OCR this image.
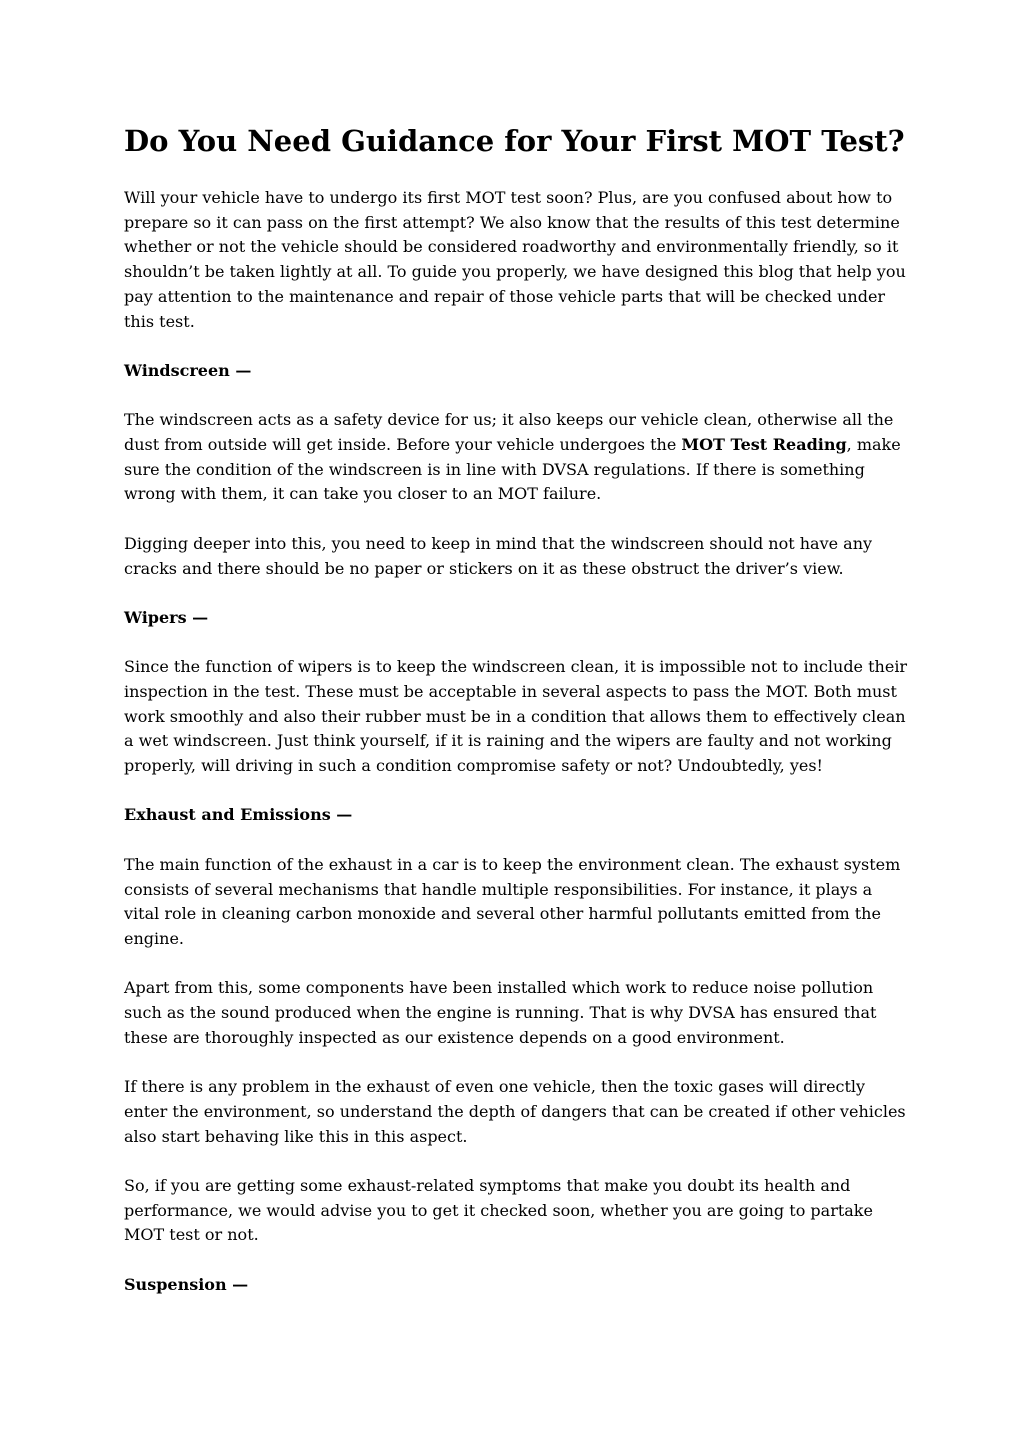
Do You Need Guidance for Your First MOT Test?

Will your vehicle have to undergo its first MOT test soon? Plus, are you confused about how to prepare so it can pass on the first attempt? We also know that the results of this test determine whether or not the vehicle should be considered roadworthy and environmentally friendly, so it shouldn’t be taken lightly at all. To guide you properly, we have designed this blog that help you pay attention to the maintenance and repair of those vehicle parts that will be checked under this test.

Windscreen —

The windscreen acts as a safety device for us; it also keeps our vehicle clean, otherwise all the dust from outside will get inside. Before your vehicle undergoes the MOT Test Reading, make sure the condition of the windscreen is in line with DVSA regulations. If there is something wrong with them, it can take you closer to an MOT failure.

Digging deeper into this, you need to keep in mind that the windscreen should not have any cracks and there should be no paper or stickers on it as these obstruct the driver’s view.

Wipers —

Since the function of wipers is to keep the windscreen clean, it is impossible not to include their inspection in the test. These must be acceptable in several aspects to pass the MOT. Both must work smoothly and also their rubber must be in a condition that allows them to effectively clean a wet windscreen. Just think yourself, if it is raining and the wipers are faulty and not working properly, will driving in such a condition compromise safety or not? Undoubtedly, yes!

Exhaust and Emissions —

The main function of the exhaust in a car is to keep the environment clean. The exhaust system consists of several mechanisms that handle multiple responsibilities. For instance, it plays a vital role in cleaning carbon monoxide and several other harmful pollutants emitted from the engine.

Apart from this, some components have been installed which work to reduce noise pollution such as the sound produced when the engine is running. That is why DVSA has ensured that these are thoroughly inspected as our existence depends on a good environment.

If there is any problem in the exhaust of even one vehicle, then the toxic gases will directly enter the environment, so understand the depth of dangers that can be created if other vehicles also start behaving like this in this aspect.

So, if you are getting some exhaust-related symptoms that make you doubt its health and performance, we would advise you to get it checked soon, whether you are going to partake MOT test or not.

Suspension —
